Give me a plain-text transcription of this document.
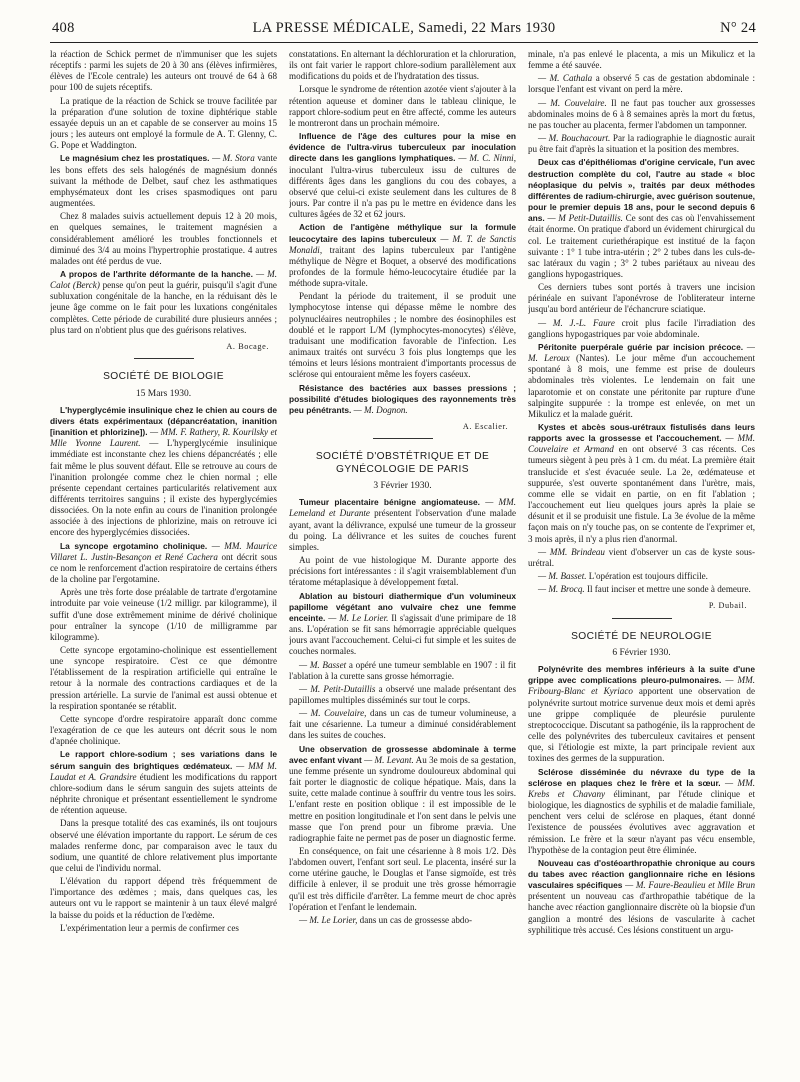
408	LA PRESSE MÉDICALE, Samedi, 22 Mars 1930	N° 24

la réaction de Schick permet de n'immuniser que les sujets réceptifs : parmi les sujets de 20 à 30 ans (élèves infirmières, élèves de l'Ecole centrale) les auteurs ont trouvé de 64 à 68 pour 100 de sujets réceptifs.

La pratique de la réaction de Schick se trouve facilitée par la préparation d'une solution de toxine diphtérique stable essayée depuis un an et capable de se conserver au moins 15 jours ; les auteurs ont employé la formule de A. T. Glenny, C. G. Pope et Waddington.

Le magnésium chez les prostatiques. — M. Stora vante les bons effets des sels halogénés de magnésium donnés suivant la méthode de Delbet, sauf chez les asthmatiques emphysémateux dont les crises spasmodiques ont paru augmentées.

Chez 8 malades suivis actuellement depuis 12 à 20 mois, en quelques semaines, le traitement magnésien a considérablement amélioré les troubles fonctionnels et diminué des 3/4 au moins l'hypertrophie prostatique. 4 autres malades ont été perdus de vue.

A propos de l'arthrite déformante de la hanche. — M. Calot (Berck) pense qu'on peut la guérir, puisqu'il s'agit d'une subluxation congénitale de la hanche, en la réduisant dès le jeune âge comme on le fait pour les luxations congénitales complètes. Cette période de curabilité dure plusieurs années ; plus tard on n'obtient plus que des guérisons relatives.

A. Bocage.
SOCIÉTÉ DE BIOLOGIE
15 Mars 1930.

L'hyperglycémie insulinique chez le chien au cours de divers états expérimentaux (dépancréatation, inanition [inanition et phlorizine]). — MM. F. Rathery, R. Kourilsky et Mlle Yvonne Laurent. — L'hyperglycémie insulinique immédiate est inconstante chez les chiens dépancréatés ; elle fait même le plus souvent défaut. Elle se retrouve au cours de l'inanition prolongée comme chez le chien normal ; elle présente cependant certaines particularités relativement aux différents territoires sanguins ; il existe des hyperglycémies dissociées. On la note enfin au cours de l'inanition prolongée associée à des injections de phlorizine, mais on retrouve ici encore des hyperglycémies dissociées.

La syncope ergotamino cholinique. — MM. Maurice Villaret L. Justin-Besançon et René Cachera ont décrit sous ce nom le renforcement d'action respiratoire de certains éthers de la choline par l'ergotamine.

Après une très forte dose préalable de tartrate d'ergotamine introduite par voie veineuse (1/2 milligr. par kilogramme), il suffit d'une dose extrêmement minime de dérivé cholinique pour entraîner la syncope (1/10 de milligramme par kilogramme).

Cette syncope ergotamino-cholinique est essentiellement une syncope respiratoire. C'est ce que démontre l'établissement de la respiration artificielle qui entraîne le retour à la normale des contractions cardiaques et de la pression artérielle. La survie de l'animal est aussi obtenue et la respiration spontanée se rétablit.

Cette syncope d'ordre respiratoire apparaît donc comme l'exagération de ce que les auteurs ont décrit sous le nom d'apnée cholinique.

Le rapport chlore-sodium ; ses variations dans le sérum sanguin des brightiques œdémateux. — MM M. Laudat et A. Grandsire étudient les modifications du rapport chlore-sodium dans le sérum sanguin des sujets atteints de néphrite chronique et présentant essentiellement le syndrome de rétention aqueuse.

Dans la presque totalité des cas examinés, ils ont toujours observé une élévation importante du rapport. Le sérum de ces malades renferme donc, par comparaison avec le taux du sodium, une quantité de chlore relativement plus importante que celui de l'individu normal.

L'élévation du rapport dépend très fréquemment de l'importance des œdèmes ; mais, dans quelques cas, les auteurs ont vu le rapport se maintenir à un taux élevé malgré la baisse du poids et la réduction de l'œdème.

L'expérimentation leur a permis de confirmer ces

constatations. En alternant la déchloruration et la chloruration, ils ont fait varier le rapport chlore-sodium parallèlement aux modifications du poids et de l'hydratation des tissus.

Lorsque le syndrome de rétention azotée vient s'ajouter à la rétention aqueuse et dominer dans le tableau clinique, le rapport chlore-sodium peut en être affecté, comme les auteurs le montreront dans un prochain mémoire.

Influence de l'âge des cultures pour la mise en évidence de l'ultra-virus tuberculeux par inoculation directe dans les ganglions lymphatiques. — M. C. Ninni, inoculant l'ultra-virus tuberculeux issu de cultures de différents âges dans les ganglions du cou des cobayes, a observé que celui-ci existe seulement dans les cultures de 8 jours. Par contre il n'a pas pu le mettre en évidence dans les cultures âgées de 32 et 62 jours.

Action de l'antigène méthylique sur la formule leucocytaire des lapins tuberculeux — M. T. de Sanctis Monaldi, traitant des lapins tuberculeux par l'antigène méthylique de Nègre et Boquet, a observé des modifications profondes de la formule hémo-leucocytaire étudiée par la méthode supra-vitale.

Pendant la période du traitement, il se produit une lymphocytose intense qui dépasse même le nombre des polynucléaires neutrophiles ; le nombre des éosinophiles est doublé et le rapport L/M (lymphocytes-monocytes) s'élève, traduisant une modification favorable de l'infection. Les animaux traités ont survécu 3 fois plus longtemps que les témoins et leurs lésions montraient d'importants processus de sclérose qui entouraient même les foyers caséeux.

Résistance des bactéries aux basses pressions ; possibilité d'études biologiques des rayonnements très peu pénétrants. — M. Dognon.

A. Escalier.
SOCIÉTÉ D'OBSTÉTRIQUE ET DE GYNÉCOLOGIE DE PARIS
3 Février 1930.

Tumeur placentaire bénigne angiomateuse. — MM. Lemeland et Durante présentent l'observation d'une malade ayant, avant la délivrance, expulsé une tumeur de la grosseur du poing. La délivrance et les suites de couches furent simples.

Au point de vue histologique M. Durante apporte des précisions fort intéressantes : il s'agit vraisemblablement d'un tératome métaplasique à développement fœtal.

Ablation au bistouri diathermique d'un volumineux papillome végétant ano vulvaire chez une femme enceinte. — M. Le Lorier. Il s'agissait d'une primipare de 18 ans. L'opération se fit sans hémorragie appréciable quelques jours avant l'accouchement. Celui-ci fut simple et les suites de couches normales.

— M. Basset a opéré une tumeur semblable en 1907 : il fit l'ablation à la curette sans grosse hémorragie.

— M. Petit-Dutaillis a observé une malade présentant des papillomes multiples disséminés sur tout le corps.

— M. Couvelaire, dans un cas de tumeur volumineuse, a fait une césarienne. La tumeur a diminué considérablement dans les suites de couches.

Une observation de grossesse abdominale à terme avec enfant vivant — M. Levant. Au 3e mois de sa gestation, une femme présente un syndrome douloureux abdominal qui fait porter le diagnostic de colique hépatique. Mais, dans la suite, cette malade continue à souffrir du ventre tous les soirs. L'enfant reste en position oblique : il est impossible de le mettre en position longitudinale et l'on sent dans le pelvis une masse que l'on prend pour un fibrome prævia. Une radiographie faite ne permet pas de poser un diagnostic ferme.

En conséquence, on fait une césarienne à 8 mois 1/2. Dès l'abdomen ouvert, l'enfant sort seul. Le placenta, inséré sur la corne utérine gauche, le Douglas et l'anse sigmoïde, est très difficile à enlever, il se produit une très grosse hémorragie qu'il est très difficile d'arrêter. La femme meurt de choc après l'opération et l'enfant le lendemain.

— M. Le Lorier, dans un cas de grossesse abdo-

minale, n'a pas enlevé le placenta, a mis un Mikulicz et la femme a été sauvée.

— M. Cathala a observé 5 cas de gestation abdominale : lorsque l'enfant est vivant on perd la mère.

— M. Couvelaire. Il ne faut pas toucher aux grossesses abdominales moins de 6 à 8 semaines après la mort du fœtus, ne pas toucher au placenta, fermer l'abdomen un tamponner.

— M. Bouchacourt. Par la radiographie le diagnostic aurait pu être fait d'après la situation et la position des membres.

Deux cas d'épithéliomas d'origine cervicale, l'un avec destruction complète du col, l'autre au stade « bloc néoplasique du pelvis », traités par deux méthodes différentes de radium-chirurgie, avec guérison soutenue, pour le premier depuis 18 ans, pour le second depuis 6 ans. — M Petit-Dutaillis. Ce sont des cas où l'envahissement était énorme. On pratique d'abord un évidement chirurgical du col. Le traitement curiethérapique est institué de la façon suivante : 1° 1 tube intra-utérin ; 2° 2 tubes dans les culs-de-sac latéraux du vagin ; 3° 2 tubes pariétaux au niveau des ganglions hypogastriques.

Ces derniers tubes sont portés à travers une incision périnéale en suivant l'aponévrose de l'obliterateur interne jusqu'au bord antérieur de l'échancrure sciatique.

— M. J.-L. Faure croit plus facile l'irradiation des ganglions hypogastriques par voie abdominale.

Péritonite puerpérale guérie par incision précoce. — M. Leroux (Nantes). Le jour même d'un accouchement spontané à 8 mois, une femme est prise de douleurs abdominales très violentes. Le lendemain on fait une laparotomie et on constate une péritonite par rupture d'une salpingite suppurée : la trompe est enlevée, on met un Mikulicz et la malade guérit.

Kystes et abcès sous-urétraux fistulisés dans leurs rapports avec la grossesse et l'accouchement. — MM. Couvelaire et Armand en ont observé 3 cas récents. Ces tumeurs siègent à peu près à 1 cm. du méat. La première était translucide et s'est évacuée seule. La 2e, œdémateuse et suppurée, s'est ouverte spontanément dans l'urètre, mais, comme elle se vidait en partie, on en fit l'ablation ; l'accouchement eut lieu quelques jours après la plaie se désunit et il se produisit une fistule. La 3e évolue de la même façon mais on n'y touche pas, on se contente de l'exprimer et, 3 mois après, il n'y a plus rien d'anormal.

— MM. Brindeau vient d'observer un cas de kyste sous-urétral.

— M. Basset. L'opération est toujours difficile.

— M. Brocq. Il faut inciser et mettre une sonde à demeure.

P. Dubail.
SOCIÉTÉ DE NEUROLOGIE
6 Février 1930.

Polynévrite des membres inférieurs à la suite d'une grippe avec complications pleuro-pulmonaires. — MM. Fribourg-Blanc et Kyriaco apportent une observation de polynévrite surtout motrice survenue deux mois et demi après une grippe compliquée de pleurésie purulente streptococcique. Discutant sa pathogénie, ils la rapprochent de celle des polynévrites des tuberculeux cavitaires et pensent que, si l'étiologie est mixte, la part principale revient aux toxines des germes de la suppuration.

Sclérose disséminée du névraxe du type de la sclérose en plaques chez le frère et la sœur. — MM. Krebs et Chavany éliminant, par l'étude clinique et biologique, les diagnostics de syphilis et de maladie familiale, penchent vers celui de sclérose en plaques, étant donné l'existence de poussées évolutives avec aggravation et rémission. Le frère et la sœur n'ayant pas vécu ensemble, l'hypothèse de la contagion peut être éliminée.

Nouveau cas d'ostéoarthropathie chronique au cours du tabes avec réaction ganglionnaire riche en lésions vasculaires spécifiques — M. Faure-Beaulieu et Mlle Brun présentent un nouveau cas d'arthropathie tabétique de la hanche avec réaction ganglionnaire discrète où la biopsie d'un ganglion a montré des lésions de vascularite à cachet syphilitique très accusé. Ces lésions constituent un argu-
